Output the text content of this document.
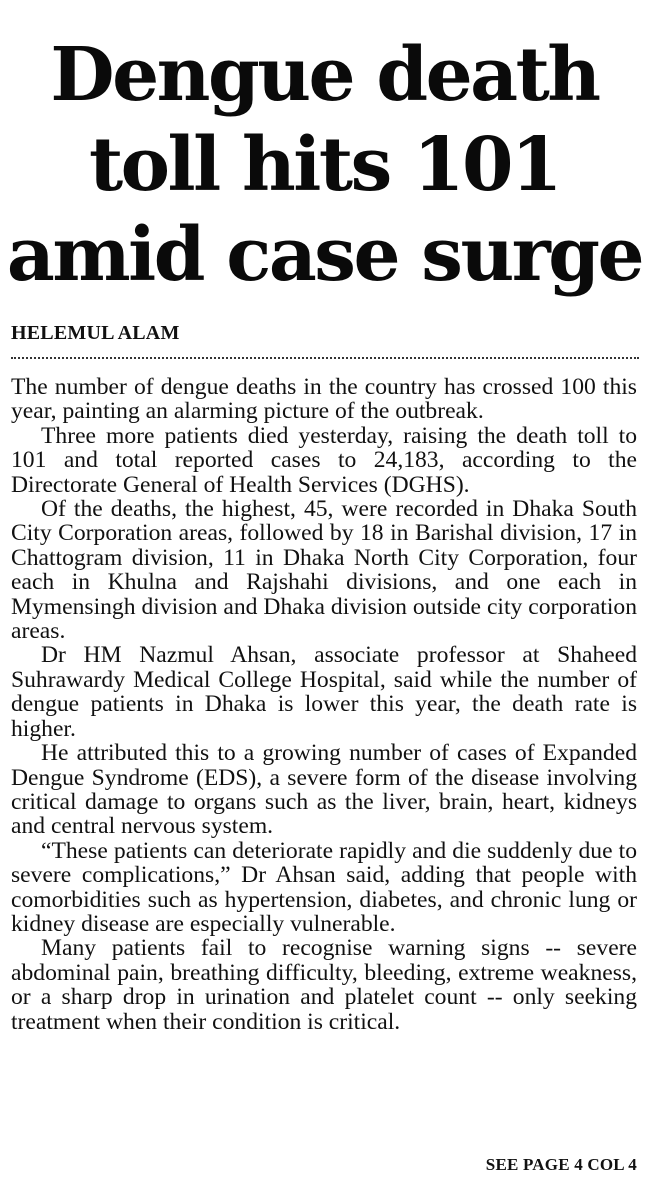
Dengue death
toll hits 101
amid case surge
HELEMUL ALAM

The number of dengue deaths in the country has crossed 100 this year, painting an alarming picture of the outbreak.

Three more patients died yesterday, raising the death toll to 101 and total reported cases to 24,183, according to the Directorate General of Health Services (DGHS).

Of the deaths, the highest, 45, were recorded in Dhaka South City Corporation areas, followed by 18 in Barishal division, 17 in Chattogram division, 11 in Dhaka North City Corporation, four each in Khulna and Rajshahi divisions, and one each in Mymensingh division and Dhaka division outside city corporation areas.

Dr HM Nazmul Ahsan, associate professor at Shaheed Suhrawardy Medical College Hospital, said while the number of dengue patients in Dhaka is lower this year, the death rate is higher.

He attributed this to a growing number of cases of Expanded Dengue Syndrome (EDS), a severe form of the disease involving critical damage to organs such as the liver, brain, heart, kidneys and central nervous system.

“These patients can deteriorate rapidly and die suddenly due to severe complications,” Dr Ahsan said, adding that people with comorbidities such as hypertension, diabetes, and chronic lung or kidney disease are especially vulnerable.

Many patients fail to recognise warning signs -- severe abdominal pain, breathing difficulty, bleeding, extreme weakness, or a sharp drop in urination and platelet count -- only seeking treatment when their condition is critical.

SEE PAGE 4 COL 4
